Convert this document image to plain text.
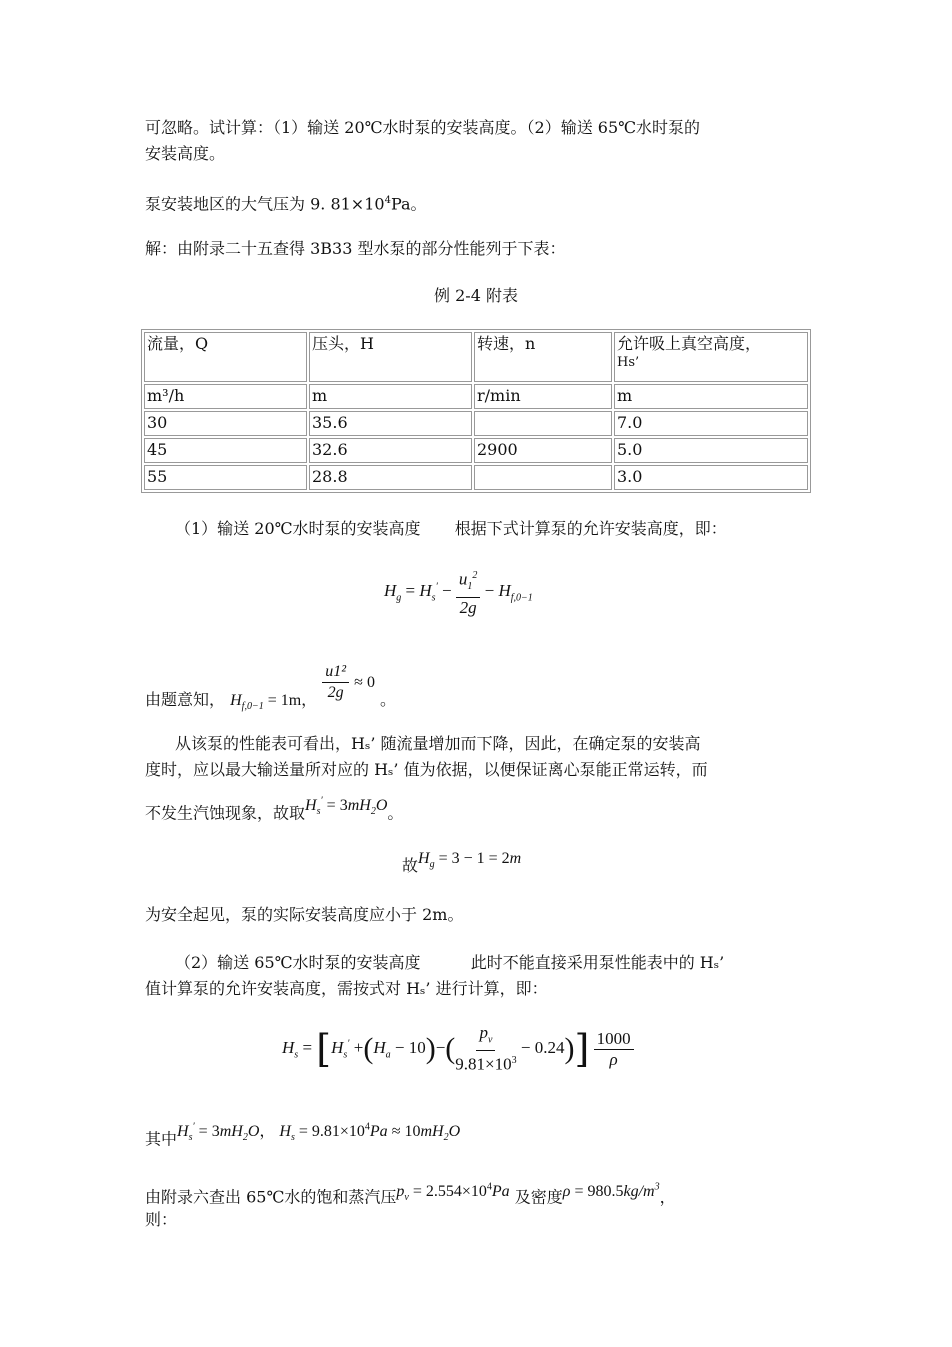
可忽略。试计算：（1）输送 20℃水时泵的安装高度。（2）输送 65℃水时泵的
安装高度。
泵安装地区的大气压为 9. $81\times 10^4Pa$。
解：由附录二十五查得 3B33 型水泵的部分性能列于下表：
例 2-4 附表
流量，Q	压头，H	转速，n	允许吸上真空高度，
Hs’

m³/h	m	r/min	m
30	35.6		7.0
45	32.6	2900	5.0
55	28.8		3.0
（1）输送 20℃水时泵的安装高度 根据下式计算泵的允许安装高度，即：
$H_g = H_s' - \frac{u_1^2}{2g} - H_{f,0-1}$
由题意知， $H_{f,0-1} = 1m$， $\frac{\text{u1²}}{2g} \approx 0$ 。
从该泵的性能表可看出，Hₛ’ 随流量增加而下降，因此，在确定泵的安装高
度时，应以最大输送量所对应的 Hₛ’ 值为依据，以便保证离心泵能正常运转，而
不发生汽蚀现象，故取$H_s' = 3mH_2O$。
故$H_g = 3 - 1 = 2m$
为安全起见，泵的实际安装高度应小于 2m。
（2）输送 65℃水时泵的安装高度	此时不能直接采用泵性能表中的 Hₛ’
值计算泵的允许安装高度，需按式对 Hₛ’ 进行计算，即：
$H_s = [H_s' +(H_a - 10)-( \frac{p_v}{9.81\times 10^3} - 0.24)] \frac{1000}{\rho}$
其中$H_s' = 3mH_2O$， $H_s = 9.81\times 10^4Pa \approx 10mH_2O$
由附录六查出 65℃水的饱和蒸汽压$p_v = 2.554\times 10^4Pa$ 及密度$\rho = 980.5kg/m^3$，
则：
